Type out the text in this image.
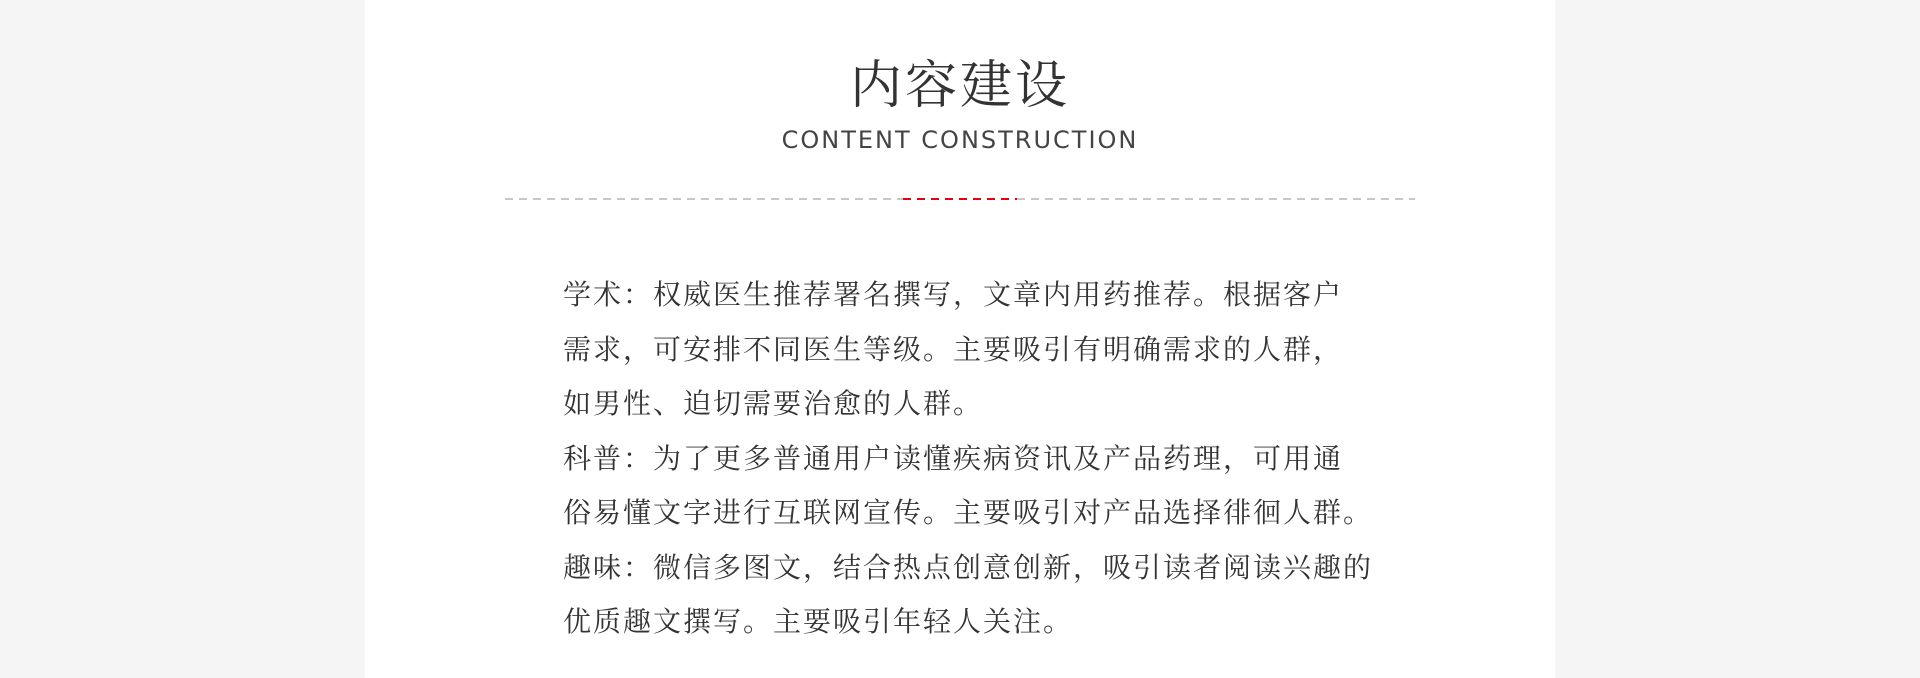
内容建设
CONTENT CONSTRUCTION
学术：权威医生推荐署名撰写，文章内用药推荐。根据客户
需求，可安排不同医生等级。主要吸引有明确需求的人群，
如男性、迫切需要治愈的人群。
科普：为了更多普通用户读懂疾病资讯及产品药理，可用通
俗易懂文字进行互联网宣传。主要吸引对产品选择徘徊人群。
趣味：微信多图文，结合热点创意创新，吸引读者阅读兴趣的
优质趣文撰写。主要吸引年轻人关注。
